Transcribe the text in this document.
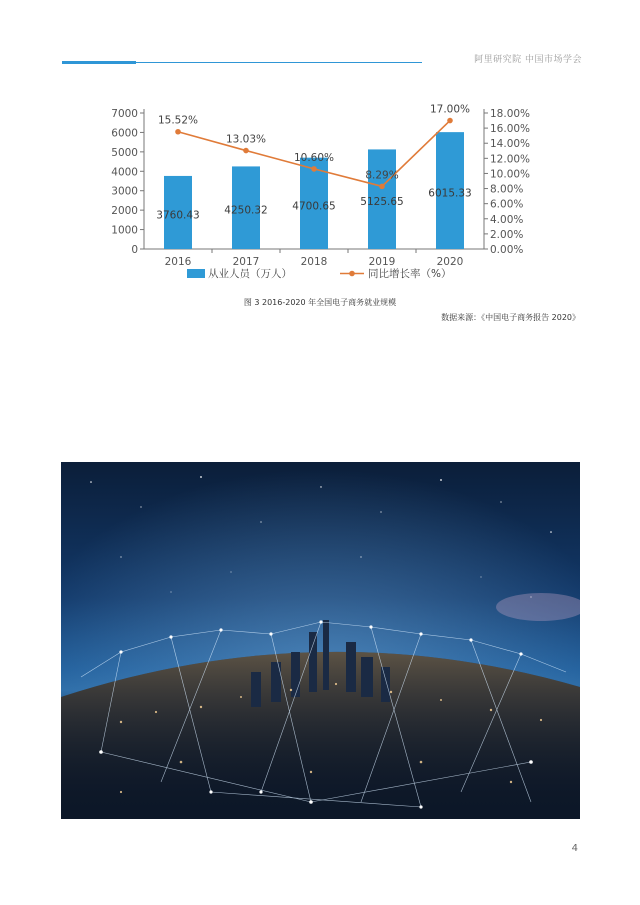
阿里研究院 中国市场学会
0
1000
2000
3000
4000
5000
6000
7000
0.00%
2.00%
4.00%
6.00%
8.00%
10.00%
12.00%
14.00%
16.00%
18.00%
2016
3760.43
2017
4250.32
2018
4700.65
2019
5125.65
2020
6015.33
15.52%
13.03%
10.60%
8.29%
17.00%
从业人员（万人）	同比增长率（%）
图 3 2016-2020 年全国电子商务就业规模
数据来源：《中国电子商务报告 2020》
4
